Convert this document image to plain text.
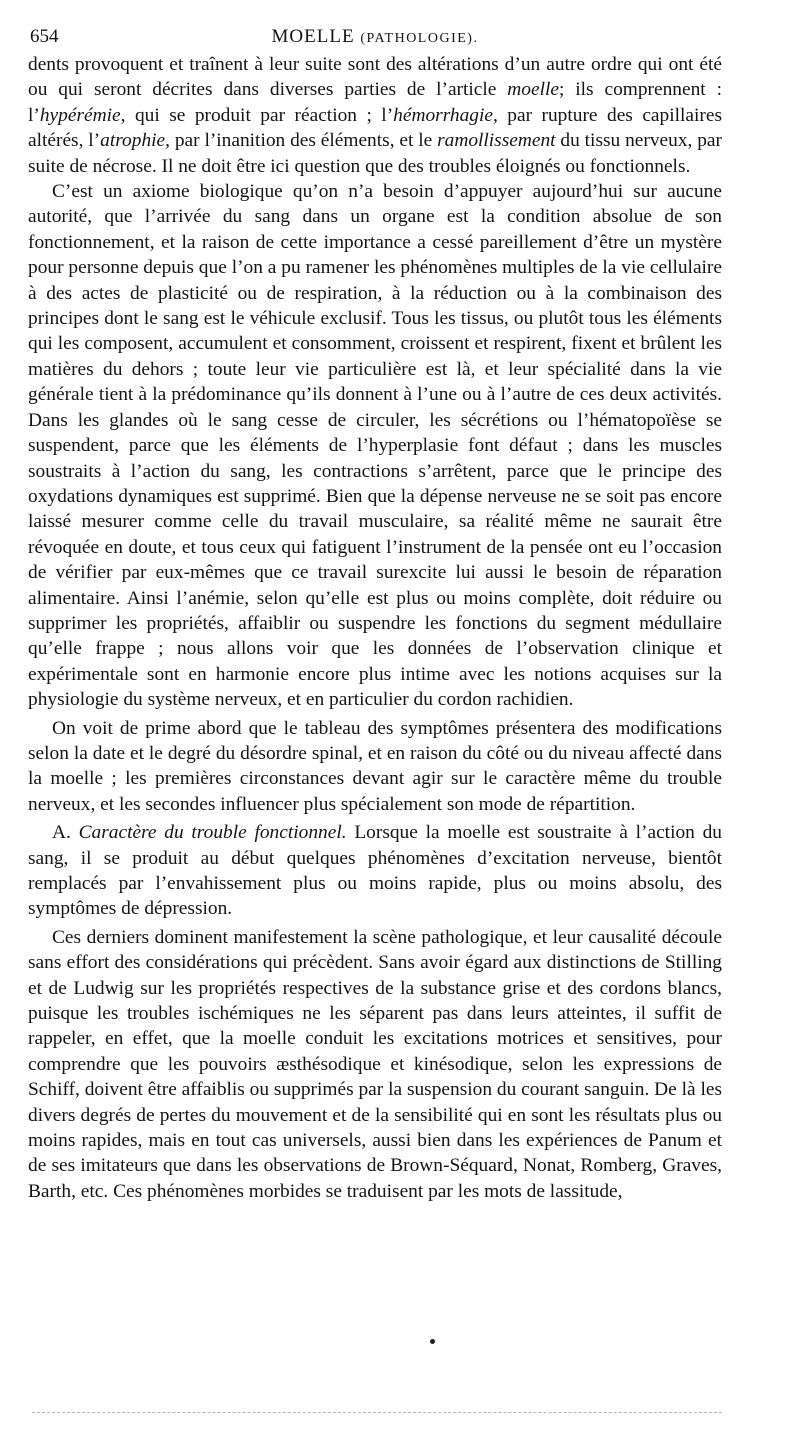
654	MOELLE (PATHOLOGIE).

dents provoquent et traînent à leur suite sont des altérations d’un autre ordre qui ont été ou qui seront décrites dans diverses parties de l’article moelle; ils comprennent : l’hypérémie, qui se produit par réaction ; l’hémorrhagie, par rupture des capillaires altérés, l’atrophie, par l’inanition des éléments, et le ramollissement du tissu nerveux, par suite de nécrose. Il ne doit être ici question que des troubles éloignés ou fonctionnels.

C’est un axiome biologique qu’on n’a besoin d’appuyer aujourd’hui sur aucune autorité, que l’arrivée du sang dans un organe est la condition absolue de son fonctionnement, et la raison de cette importance a cessé pareillement d’être un mystère pour personne depuis que l’on a pu ramener les phénomènes multiples de la vie cellulaire à des actes de plasticité ou de respiration, à la réduction ou à la combinaison des principes dont le sang est le véhicule exclusif. Tous les tissus, ou plutôt tous les éléments qui les composent, accumulent et consomment, croissent et respirent, fixent et brûlent les matières du dehors ; toute leur vie particulière est là, et leur spécialité dans la vie générale tient à la prédominance qu’ils donnent à l’une ou à l’autre de ces deux activités. Dans les glandes où le sang cesse de circuler, les sécrétions ou l’hématopoïèse se suspendent, parce que les éléments de l’hyperplasie font défaut ; dans les muscles soustraits à l’action du sang, les contractions s’arrêtent, parce que le principe des oxydations dynamiques est supprimé. Bien que la dépense nerveuse ne se soit pas encore laissé mesurer comme celle du travail musculaire, sa réalité même ne saurait être révoquée en doute, et tous ceux qui fatiguent l’instrument de la pensée ont eu l’occasion de vérifier par eux-mêmes que ce travail surexcite lui aussi le besoin de réparation alimentaire. Ainsi l’anémie, selon qu’elle est plus ou moins complète, doit réduire ou supprimer les propriétés, affaiblir ou suspendre les fonctions du segment médullaire qu’elle frappe ; nous allons voir que les données de l’observation clinique et expérimentale sont en harmonie encore plus intime avec les notions acquises sur la physiologie du système nerveux, et en particulier du cordon rachidien.

On voit de prime abord que le tableau des symptômes présentera des modifications selon la date et le degré du désordre spinal, et en raison du côté ou du niveau affecté dans la moelle ; les premières circonstances devant agir sur le caractère même du trouble nerveux, et les secondes influencer plus spécialement son mode de répartition.

A. Caractère du trouble fonctionnel. Lorsque la moelle est soustraite à l’action du sang, il se produit au début quelques phénomènes d’excitation nerveuse, bientôt remplacés par l’envahissement plus ou moins rapide, plus ou moins absolu, des symptômes de dépression.

Ces derniers dominent manifestement la scène pathologique, et leur causalité découle sans effort des considérations qui précèdent. Sans avoir égard aux distinctions de Stilling et de Ludwig sur les propriétés respectives de la substance grise et des cordons blancs, puisque les troubles ischémiques ne les séparent pas dans leurs atteintes, il suffit de rappeler, en effet, que la moelle conduit les excitations motrices et sensitives, pour comprendre que les pouvoirs æsthésodique et kinésodique, selon les expressions de Schiff, doivent être affaiblis ou supprimés par la suspension du courant sanguin. De là les divers degrés de pertes du mouvement et de la sensibilité qui en sont les résultats plus ou moins rapides, mais en tout cas universels, aussi bien dans les expériences de Panum et de ses imitateurs que dans les observations de Brown-Séquard, Nonat, Romberg, Graves, Barth, etc. Ces phénomènes morbides se traduisent par les mots de lassitude,
